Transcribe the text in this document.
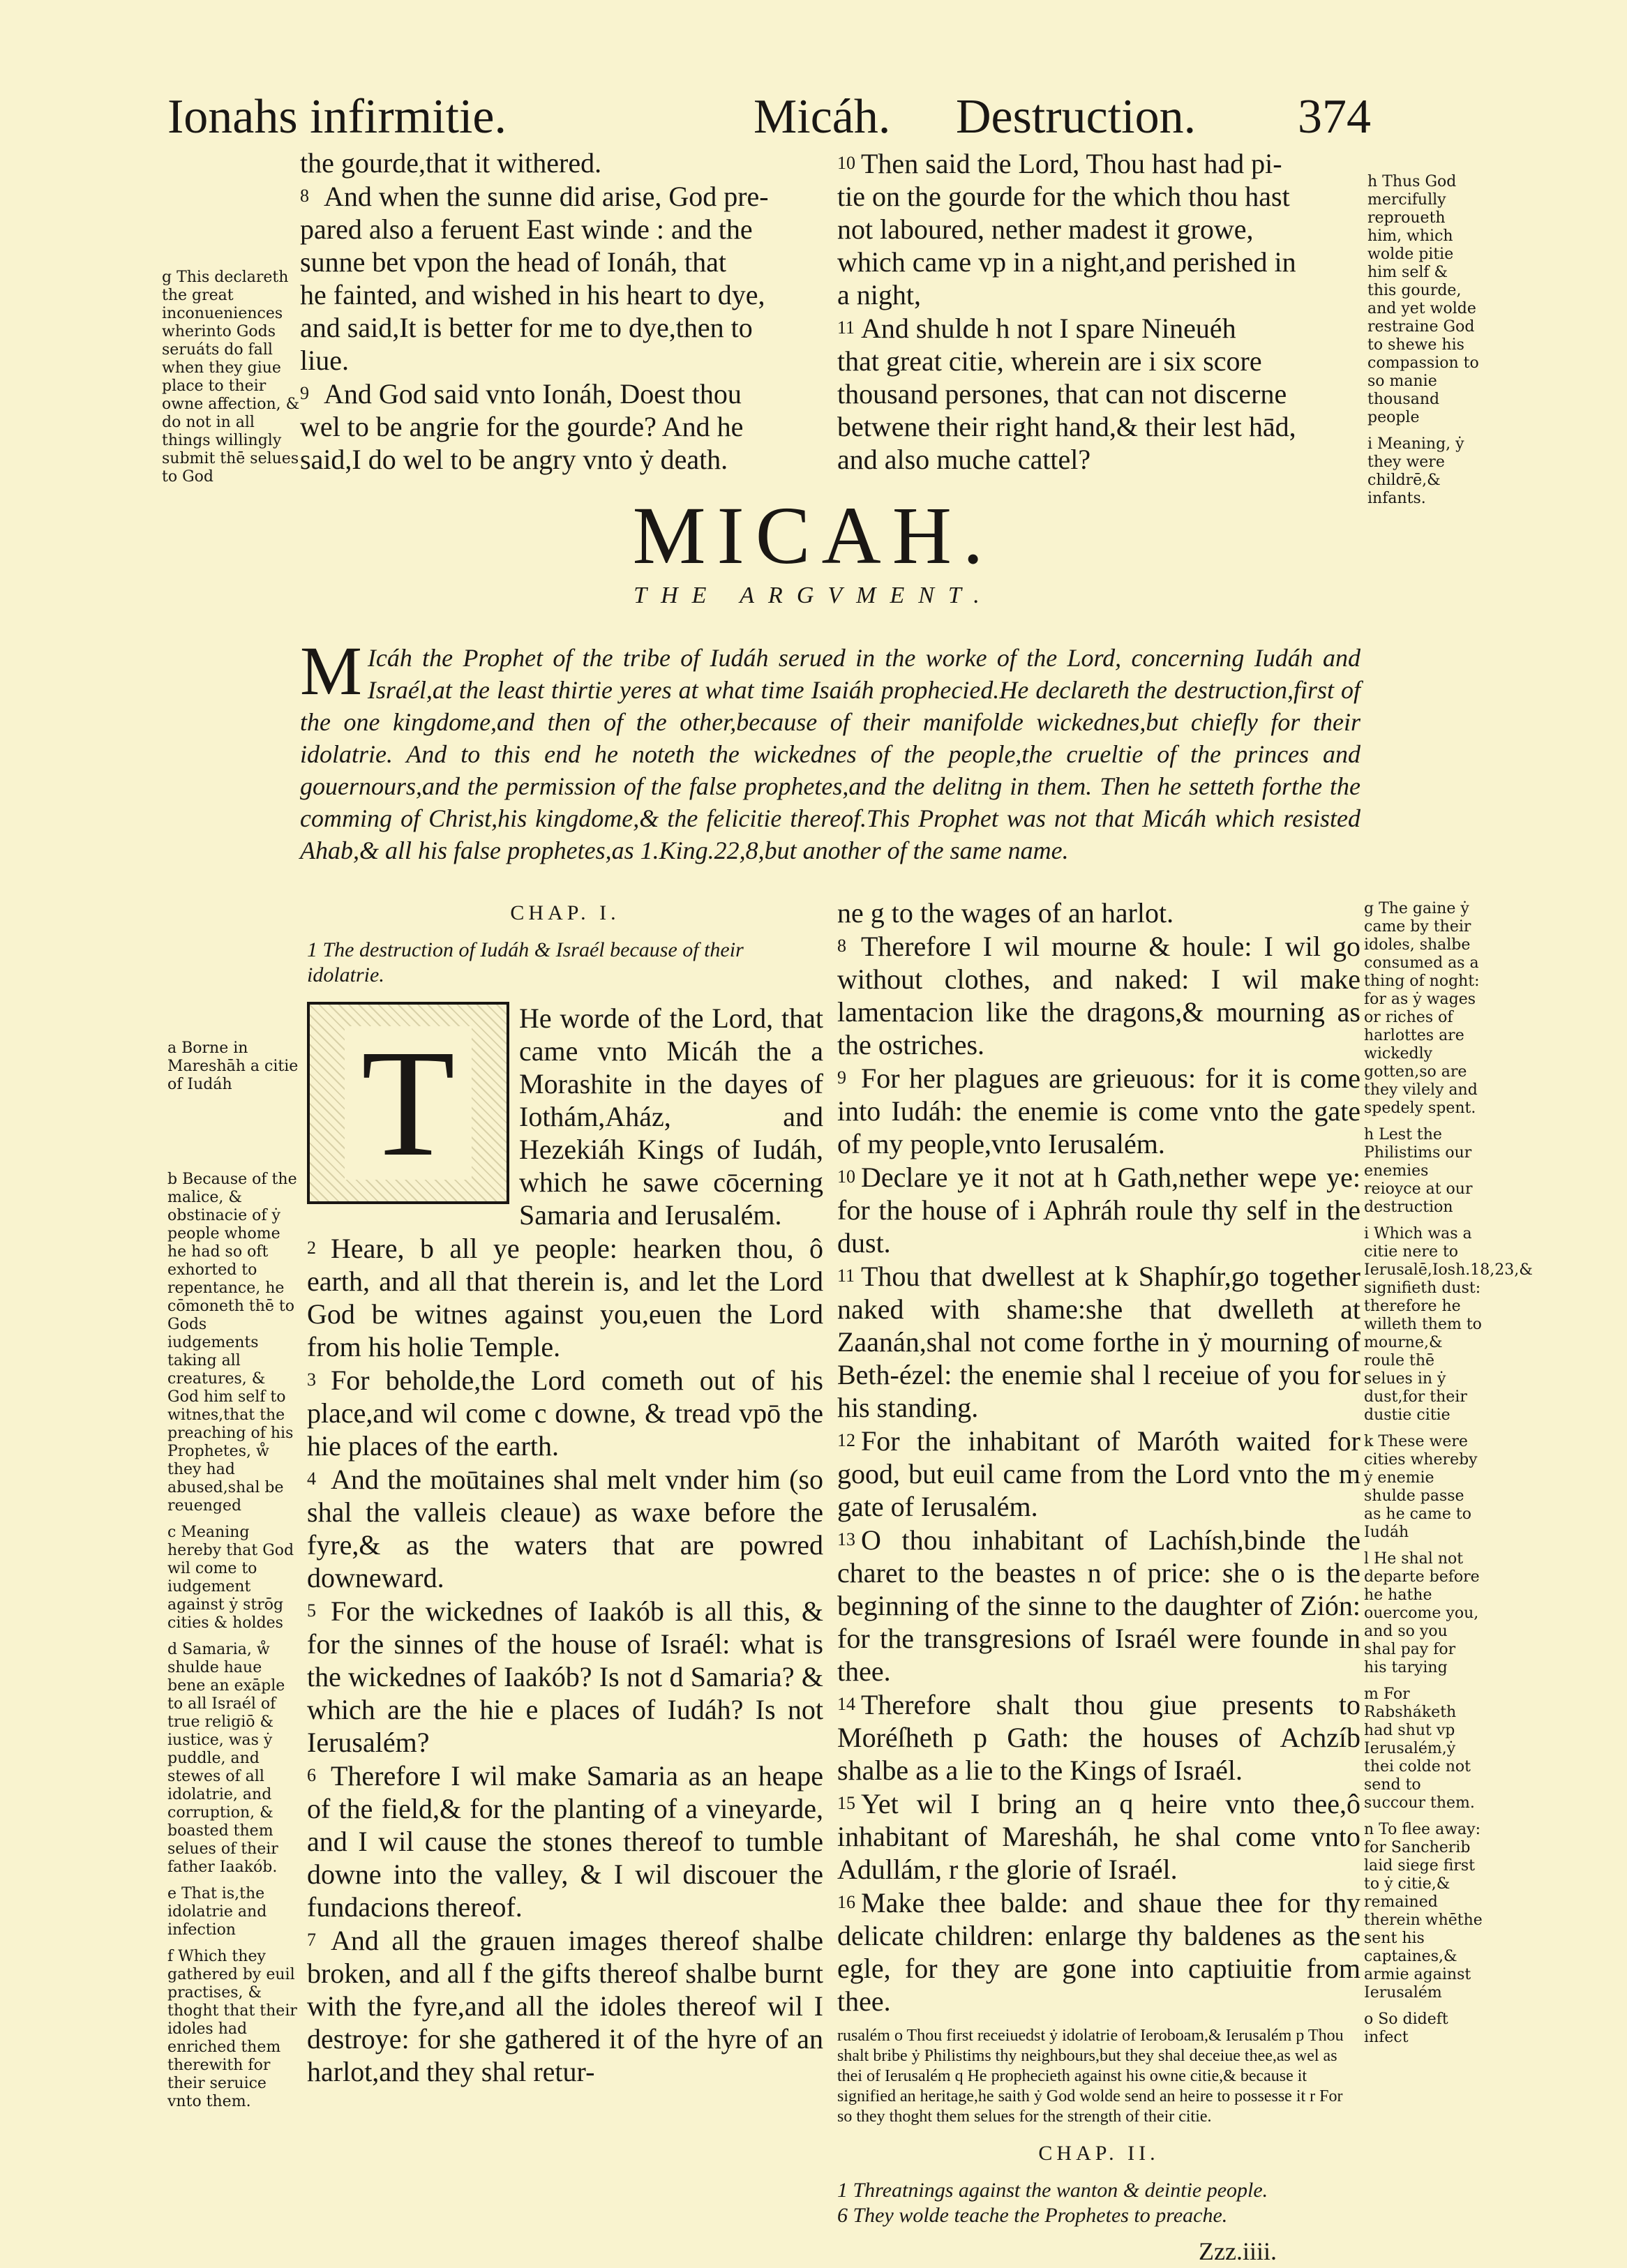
Ionahs infirmitie.	Micáh. Destruction. 374

g This declareth the great inconueniences wherinto Gods seruáts do fall when they giue place to their owne affection, & do not in all things willingly submit thē selues to God

the gourde,that it withered.

8 And when the sunne did arise, God pre-

pared also a feruent East winde : and the

sunne bet vpon the head of Ionáh, that

he fainted, and wished in his heart to dye,

and said,It is better for me to dye,then to

liue.

9 And God said vnto Ionáh, Doest thou

wel to be angrie for the gourde? And he

said,I do wel to be angry vnto ẏ death.

10 Then said the Lord, Thou hast had pi-

tie on the gourde for the which thou hast

not laboured, nether madest it growe,

which came vp in a night,and perished in

a night,

11 And shulde h not I spare Nineuéh

that great citie, wherein are i six score

thousand persones, that can not discerne

betwene their right hand,& their lest hād,

and also muche cattel?

h Thus God mercifully reproueth him, which wolde pitie him self & this gourde, and yet wolde restraine God to shewe his compassion to so manie thousand people

i Meaning, ẏ they were childrē,& infants.

MICAH.
THE ARGVMENT.
M Icáh the Prophet of the tribe of Iudáh serued in the worke of the Lord, concerning Iudáh and Israél,at the least thirtie yeres at what time Isaiáh prophecied.He declareth the destruction,first of the one kingdome,and then of the other,because of their manifolde wickednes,but chiefly for their idolatrie. And to this end he noteth the wickednes of the people,the crueltie of the princes and gouernours,and the permission of the false prophetes,and the delitng in them. Then he setteth forthe the comming of Christ,his kingdome,& the felicitie thereof.This Prophet was not that Micáh which resisted Ahab,& all his false prophetes,as 1.King.22,8,but another of the same name.
CHAP. I.
1 The destruction of Iudáh & Israél because of their idolatrie.
T	He worde of the Lord, that came vnto Micáh the a Morashite in the dayes of Iothám,Aház, and Hezekiáh Kings of Iudáh, which he sawe cōcerning Samaria and Ierusalém.

2 Heare, b all ye people: hearken thou, ô earth, and all that therein is, and let the Lord God be witnes against you,euen the Lord from his holie Temple.

3 For beholde,the Lord cometh out of his place,and wil come c downe, & tread vpō the hie places of the earth.

4 And the moūtaines shal melt vnder him (so shal the valleis cleaue) as waxe before the fyre,& as the waters that are powred downeward.

5 For the wickednes of Iaakób is all this, & for the sinnes of the house of Israél: what is the wickednes of Iaakób? Is not d Samaria? & which are the hie e places of Iudáh? Is not Ierusalém?

6 Therefore I wil make Samaria as an heape of the field,& for the planting of a vineyarde, and I wil cause the stones thereof to tumble downe into the valley, & I wil discouer the fundacions thereof.

7 And all the grauen images thereof shalbe broken, and all f the gifts thereof shalbe burnt with the fyre,and all the idoles thereof wil I destroye: for she gathered it of the hyre of an harlot,and they shal retur-

a Borne in Mareshāh a citie of Iudáh

b Because of the malice, & obstinacie of ẏ people whome he had so oft exhorted to repentance, he cōmoneth thē to Gods iudgements taking all creatures, & God him self to witnes,that the preaching of his Prophetes, ẘ they had abused,shal be reuenged

c Meaning hereby that God wil come to iudgement against ẏ strōg cities & holdes

d Samaria, ẘ shulde haue bene an exāple to all Israél of true religiō & iustice, was ẏ puddle, and stewes of all idolatrie, and corruption, & boasted them selues of their father Iaakób.

e That is,the idolatrie and infection

f Which they gathered by euil practises, & thoght that their idoles had enriched them therewith for their seruice vnto them.

ne g to the wages of an harlot.

8 Therefore I wil mourne & houle: I wil go without clothes, and naked: I wil make lamentacion like the dragons,& mourning as the ostriches.

9 For her plagues are grieuous: for it is come into Iudáh: the enemie is come vnto the gate of my people,vnto Ierusalém.

10 Declare ye it not at h Gath,nether wepe ye: for the house of i Aphráh roule thy self in the dust.

11 Thou that dwellest at k Shaphír,go together naked with shame:she that dwelleth at Zaanán,shal not come forthe in ẏ mourning of Beth-ézel: the enemie shal l receiue of you for his standing.

12 For the inhabitant of Maróth waited for good, but euil came from the Lord vnto the m gate of Ierusalém.

13 O thou inhabitant of Lachísh,binde the charet to the beastes n of price: she o is the beginning of the sinne to the daughter of Zión: for the transgresions of Israél were founde in thee.

14 Therefore shalt thou giue presents to Moréſheth p Gath: the houses of Achzíb shalbe as a lie to the Kings of Israél.

15 Yet wil I bring an q heire vnto thee,ô inhabitant of Maresháh, he shal come vnto Adullám, r the glorie of Israél.

16 Make thee balde: and shaue thee for thy delicate children: enlarge thy baldenes as the egle, for they are gone into captiuitie from thee.

rusalém o Thou first receiuedst ẏ idolatrie of Ieroboam,& Ierusalém p Thou shalt bribe ẏ Philistims thy neighbours,but they shal deceiue thee,as wel as thei of Ierusalém q He prophecieth against his owne citie,& because it signified an heritage,he saith ẏ God wolde send an heire to possesse it r For so they thoght them selues for the strength of their citie.

CHAP. II.
1 Threatnings against the wanton & deintie people.
6 They wolde teache the Prophetes to preache.
Zzz.iiii.

g The gaine ẏ came by their idoles, shalbe consumed as a thing of noght: for as ẏ wages or riches of harlottes are wickedly gotten,so are they vilely and spedely spent.

h Lest the Philistims our enemies reioyce at our destruction

i Which was a citie nere to Ierusalē,Iosh.18,23,& signifieth dust: therefore he willeth them to mourne,& roule thē selues in ẏ dust,for their dustie citie

k These were cities whereby ẏ enemie shulde passe as he came to Iudáh

l He shal not departe before he hathe ouercome you, and so you shal pay for his tarying

m For Rabsháketh had shut vp Ierusalém,ẏ thei colde not send to succour them.

n To flee away: for Sancherib laid siege first to ẏ citie,& remained therein whēthe sent his captaines,& armie against Ierusalém

o So dideft infect
